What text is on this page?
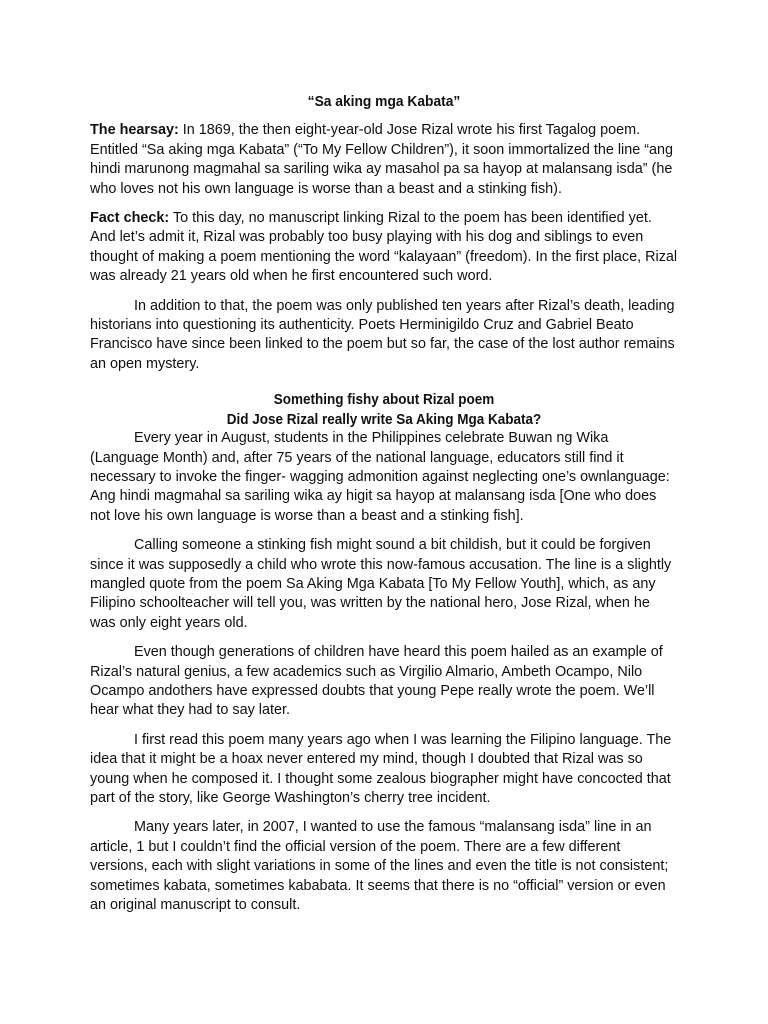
“Sa aking mga Kabata”

The hearsay: In 1869, the then eight-year-old Jose Rizal wrote his first Tagalog poem. Entitled “Sa aking mga Kabata” (“To My Fellow Children”), it soon immortalized the line “ang hindi marunong magmahal sa sariling wika ay masahol pa sa hayop at malansang isda” (he who loves not his own language is worse than a beast and a stinking fish).

Fact check: To this day, no manuscript linking Rizal to the poem has been identified yet. And let’s admit it, Rizal was probably too busy playing with his dog and siblings to even thought of making a poem mentioning the word “kalayaan” (freedom). In the first place, Rizal was already 21 years old when he first encountered such word.

In addition to that, the poem was only published ten years after Rizal’s death, leading historians into questioning its authenticity. Poets Herminigildo Cruz and Gabriel Beato Francisco have since been linked to the poem but so far, the case of the lost author remains an open mystery.

Something fishy about Rizal poem
Did Jose Rizal really write Sa Aking Mga Kabata?

Every year in August, students in the Philippines celebrate Buwan ng Wika (Language Month) and, after 75 years of the national language, educators still find it necessary to invoke the finger- wagging admonition against neglecting one’s ownlanguage: Ang hindi magmahal sa sariling wika ay higit sa hayop at malansang isda [One who does not love his own language is worse than a beast and a stinking fish].

Calling someone a stinking fish might sound a bit childish, but it could be forgiven since it was supposedly a child who wrote this now-famous accusation. The line is a slightly mangled quote from the poem Sa Aking Mga Kabata [To My Fellow Youth], which, as any Filipino schoolteacher will tell you, was written by the national hero, Jose Rizal, when he was only eight years old.

Even though generations of children have heard this poem hailed as an example of Rizal’s natural genius, a few academics such as Virgilio Almario, Ambeth Ocampo, Nilo Ocampo andothers have expressed doubts that young Pepe really wrote the poem. We’ll hear what they had to say later.

I first read this poem many years ago when I was learning the Filipino language. The idea that it might be a hoax never entered my mind, though I doubted that Rizal was so young when he composed it. I thought some zealous biographer might have concocted that part of the story, like George Washington’s cherry tree incident.

Many years later, in 2007, I wanted to use the famous “malansang isda” line in an article, 1 but I couldn’t find the official version of the poem. There are a few different versions, each with slight variations in some of the lines and even the title is not consistent; sometimes kabata, sometimes kababata. It seems that there is no “official” version or even an original manuscript to consult.
